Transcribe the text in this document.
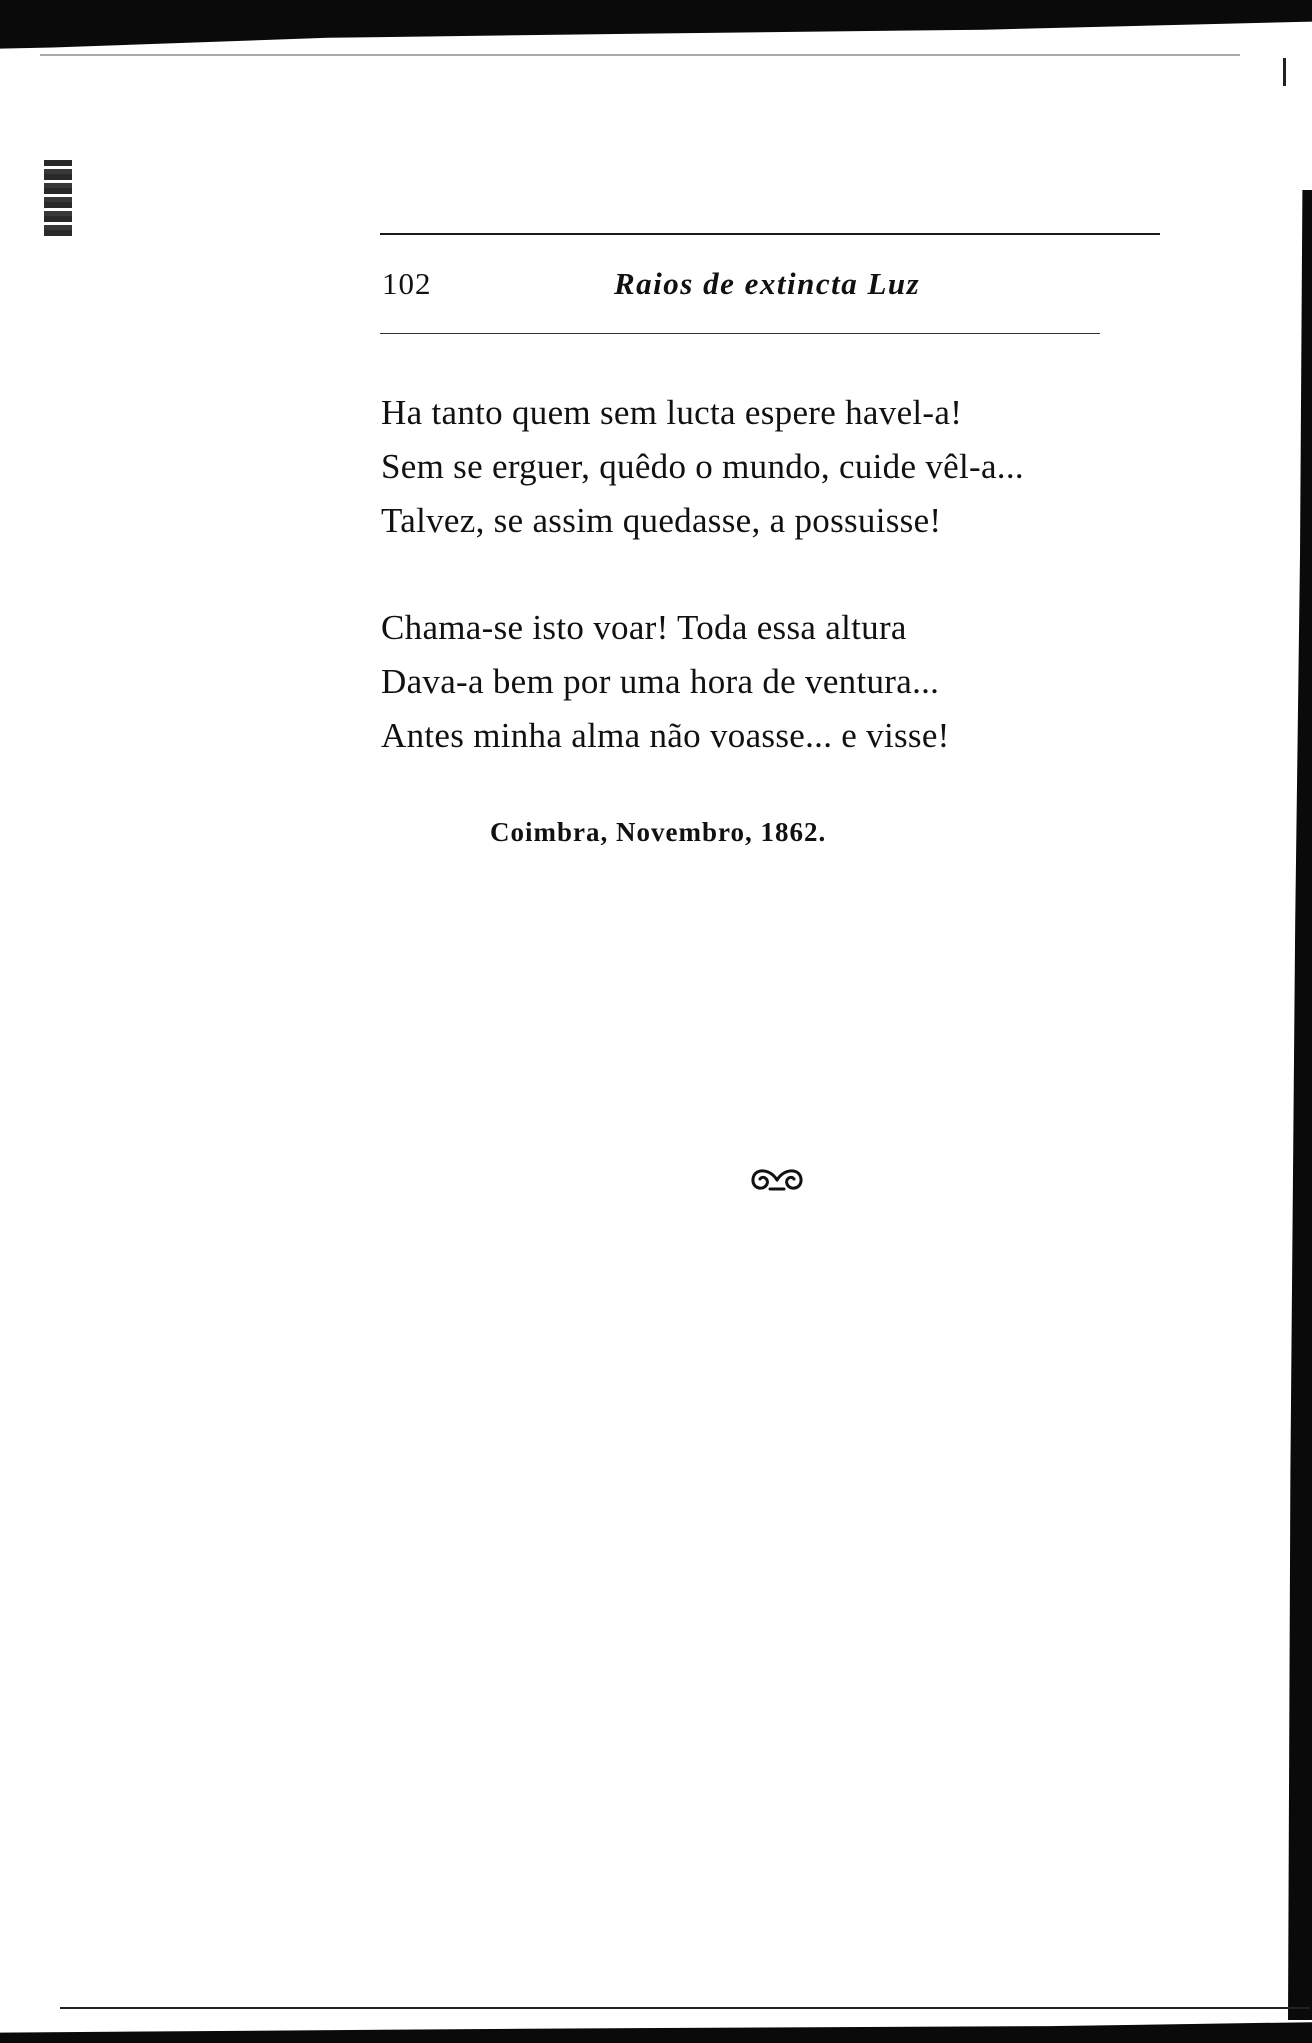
102	Raios de extincta Luz
Ha tanto quem sem lucta espere havel-a!
Sem se erguer, quêdo o mundo, cuide vêl-a...
Talvez, se assim quedasse, a possuisse!
Chama-se isto voar! Toda essa altura
Dava-a bem por uma hora de ventura...
Antes minha alma não voasse... e visse!
Coimbra, Novembro, 1862.
